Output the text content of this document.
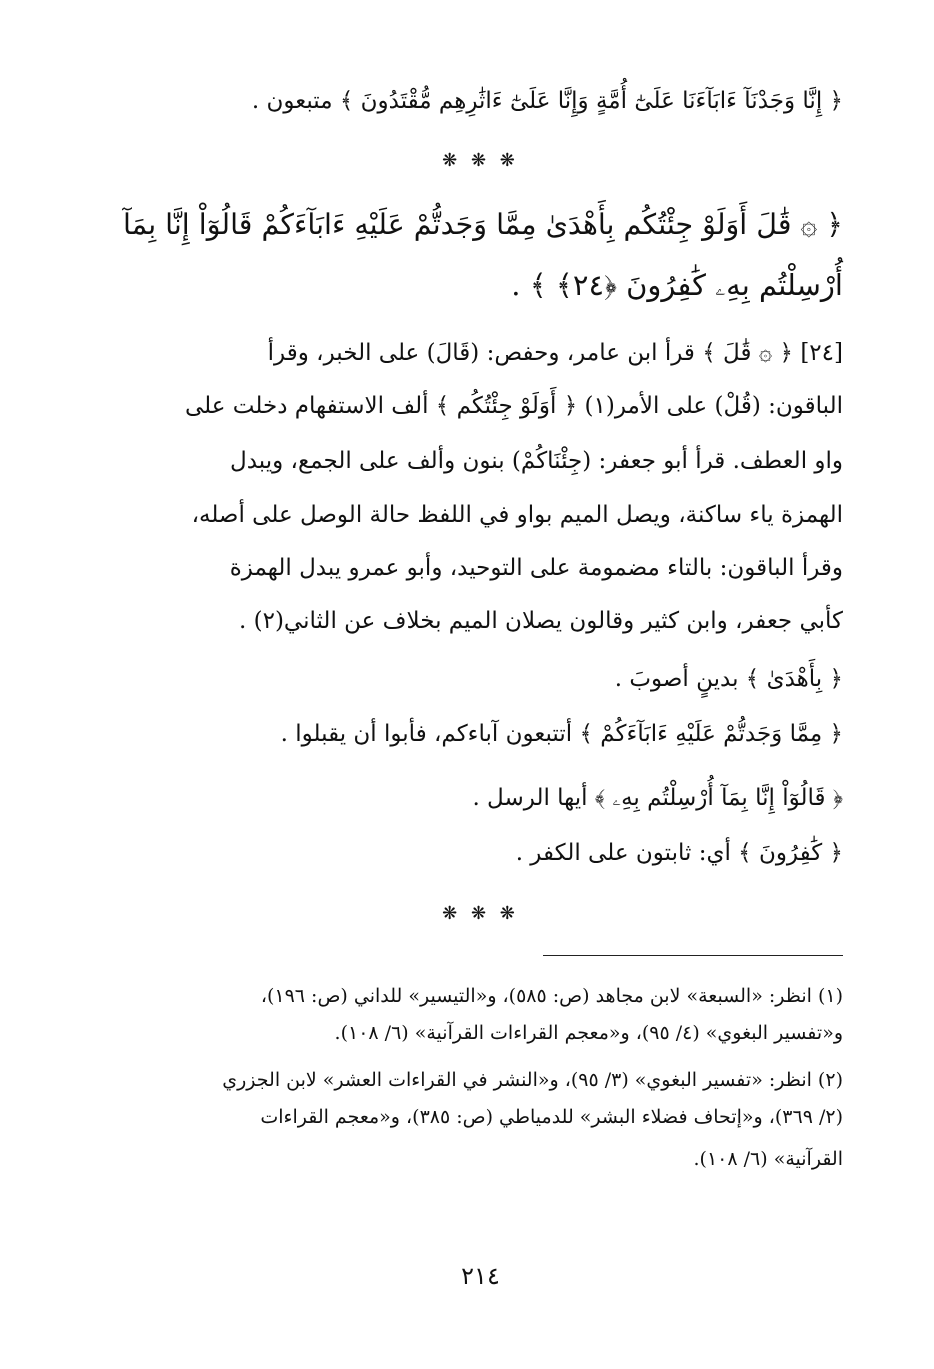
﴿ إِنَّا وَجَدْنَآ ءَابَآءَنَا عَلَىٰٓ أُمَّةٍ وَإِنَّا عَلَىٰٓ ءَاثَٰرِهِم مُّقْتَدُونَ ﴾ متبعون .
❋ ❋ ❋
﴿ ۞ قَٰلَ أَوَلَوْ جِئْتُكُم بِأَهْدَىٰ مِمَّا وَجَدتُّمْ عَلَيْهِ ءَابَآءَكُمْ قَالُوٓاْ إِنَّا بِمَآ
أُرْسِلْتُم بِهِۦ كَٰفِرُونَ ﴿٢٤﴾ ﴾ .
[٢٤] ﴿ ۞ قَٰلَ ﴾ قرأ ابن عامر، وحفص: (قَالَ) على الخبر، وقرأ
الباقون: (قُلْ) على الأمر(١) ﴿ أَوَلَوْ جِئْتُكُم ﴾ ألف الاستفهام دخلت على
واو العطف. قرأ أبو جعفر: (جِئْنَاكُمْ) بنون وألف على الجمع، ويبدل
الهمزة ياء ساكنة، ويصل الميم بواو في اللفظ حالة الوصل على أصله،
وقرأ الباقون: بالتاء مضمومة على التوحيد، وأبو عمرو يبدل الهمزة
كأبي جعفر، وابن كثير وقالون يصلان الميم بخلاف عن الثاني(٢) .
﴿ بِأَهْدَىٰ ﴾ بدينٍ أصوبَ .
﴿ مِمَّا وَجَدتُّمْ عَلَيْهِ ءَابَآءَكُمْ ﴾ أتتبعون آباءكم، فأبوا أن يقبلوا .
﴿ قَالُوٓاْ إِنَّا بِمَآ أُرْسِلْتُم بِهِۦ ﴾ أيها الرسل .
﴿ كَٰفِرُونَ ﴾ أي: ثابتون على الكفر .
❋ ❋ ❋
(١) انظر: «السبعة» لابن مجاهد (ص: ٥٨٥)، و«التيسير» للداني (ص: ١٩٦)،
و«تفسير البغوي» (٤/ ٩٥)، و«معجم القراءات القرآنية» (٦/ ١٠٨).
(٢) انظر: «تفسير البغوي» (٣/ ٩٥)، و«النشر في القراءات العشر» لابن الجزري
(٢/ ٣٦٩)، و«إتحاف فضلاء البشر» للدمياطي (ص: ٣٨٥)، و«معجم القراءات
القرآنية» (٦/ ١٠٨).
٢١٤
